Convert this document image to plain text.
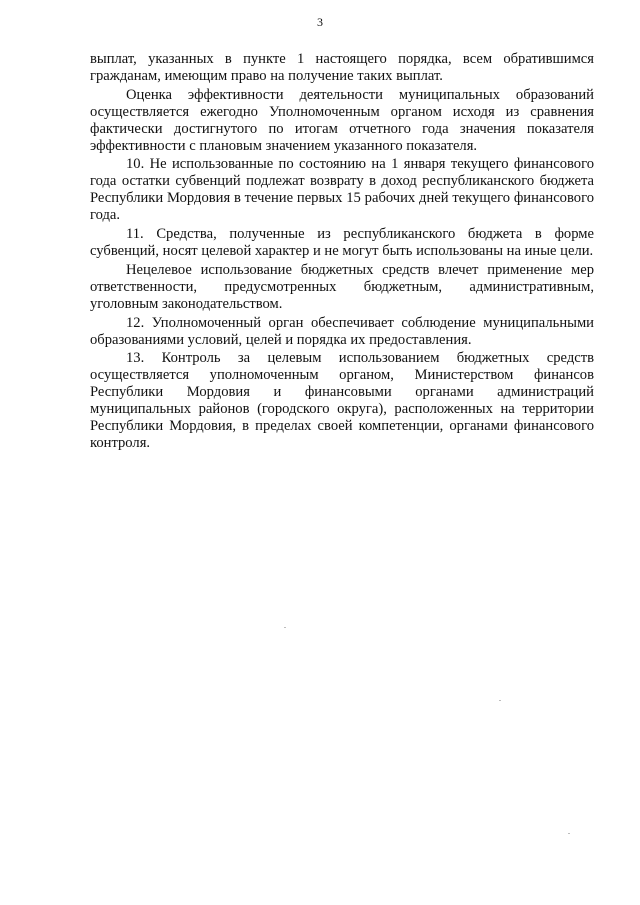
3

выплат, указанных в пункте 1 настоящего порядка, всем обратившимся гражданам, имеющим право на получение таких выплат.

Оценка эффективности деятельности муниципальных образований осуществляется ежегодно Уполномоченным органом исходя из сравнения фактически достигнутого по итогам отчетного года значения показателя эффективности с плановым значением указанного показателя.

10. Не использованные по состоянию на 1 января текущего финансового года остатки субвенций подлежат возврату в доход республиканского бюджета Республики Мордовия в течение первых 15 рабочих дней текущего финансового года.

11. Средства, полученные из республиканского бюджета в форме субвенций, носят целевой характер и не могут быть использованы на иные цели.

Нецелевое использование бюджетных средств влечет применение мер ответственности, предусмотренных бюджетным, административным, уголовным законодательством.

12. Уполномоченный орган обеспечивает соблюдение муниципальными образованиями условий, целей и порядка их предоставления.

13. Контроль за целевым использованием бюджетных средств осуществляется уполномоченным органом, Министерством финансов Республики Мордовия и финансовыми органами администраций муниципальных районов (городского округа), расположенных на территории Республики Мордовия, в пределах своей компетенции, органами финансового контроля.
